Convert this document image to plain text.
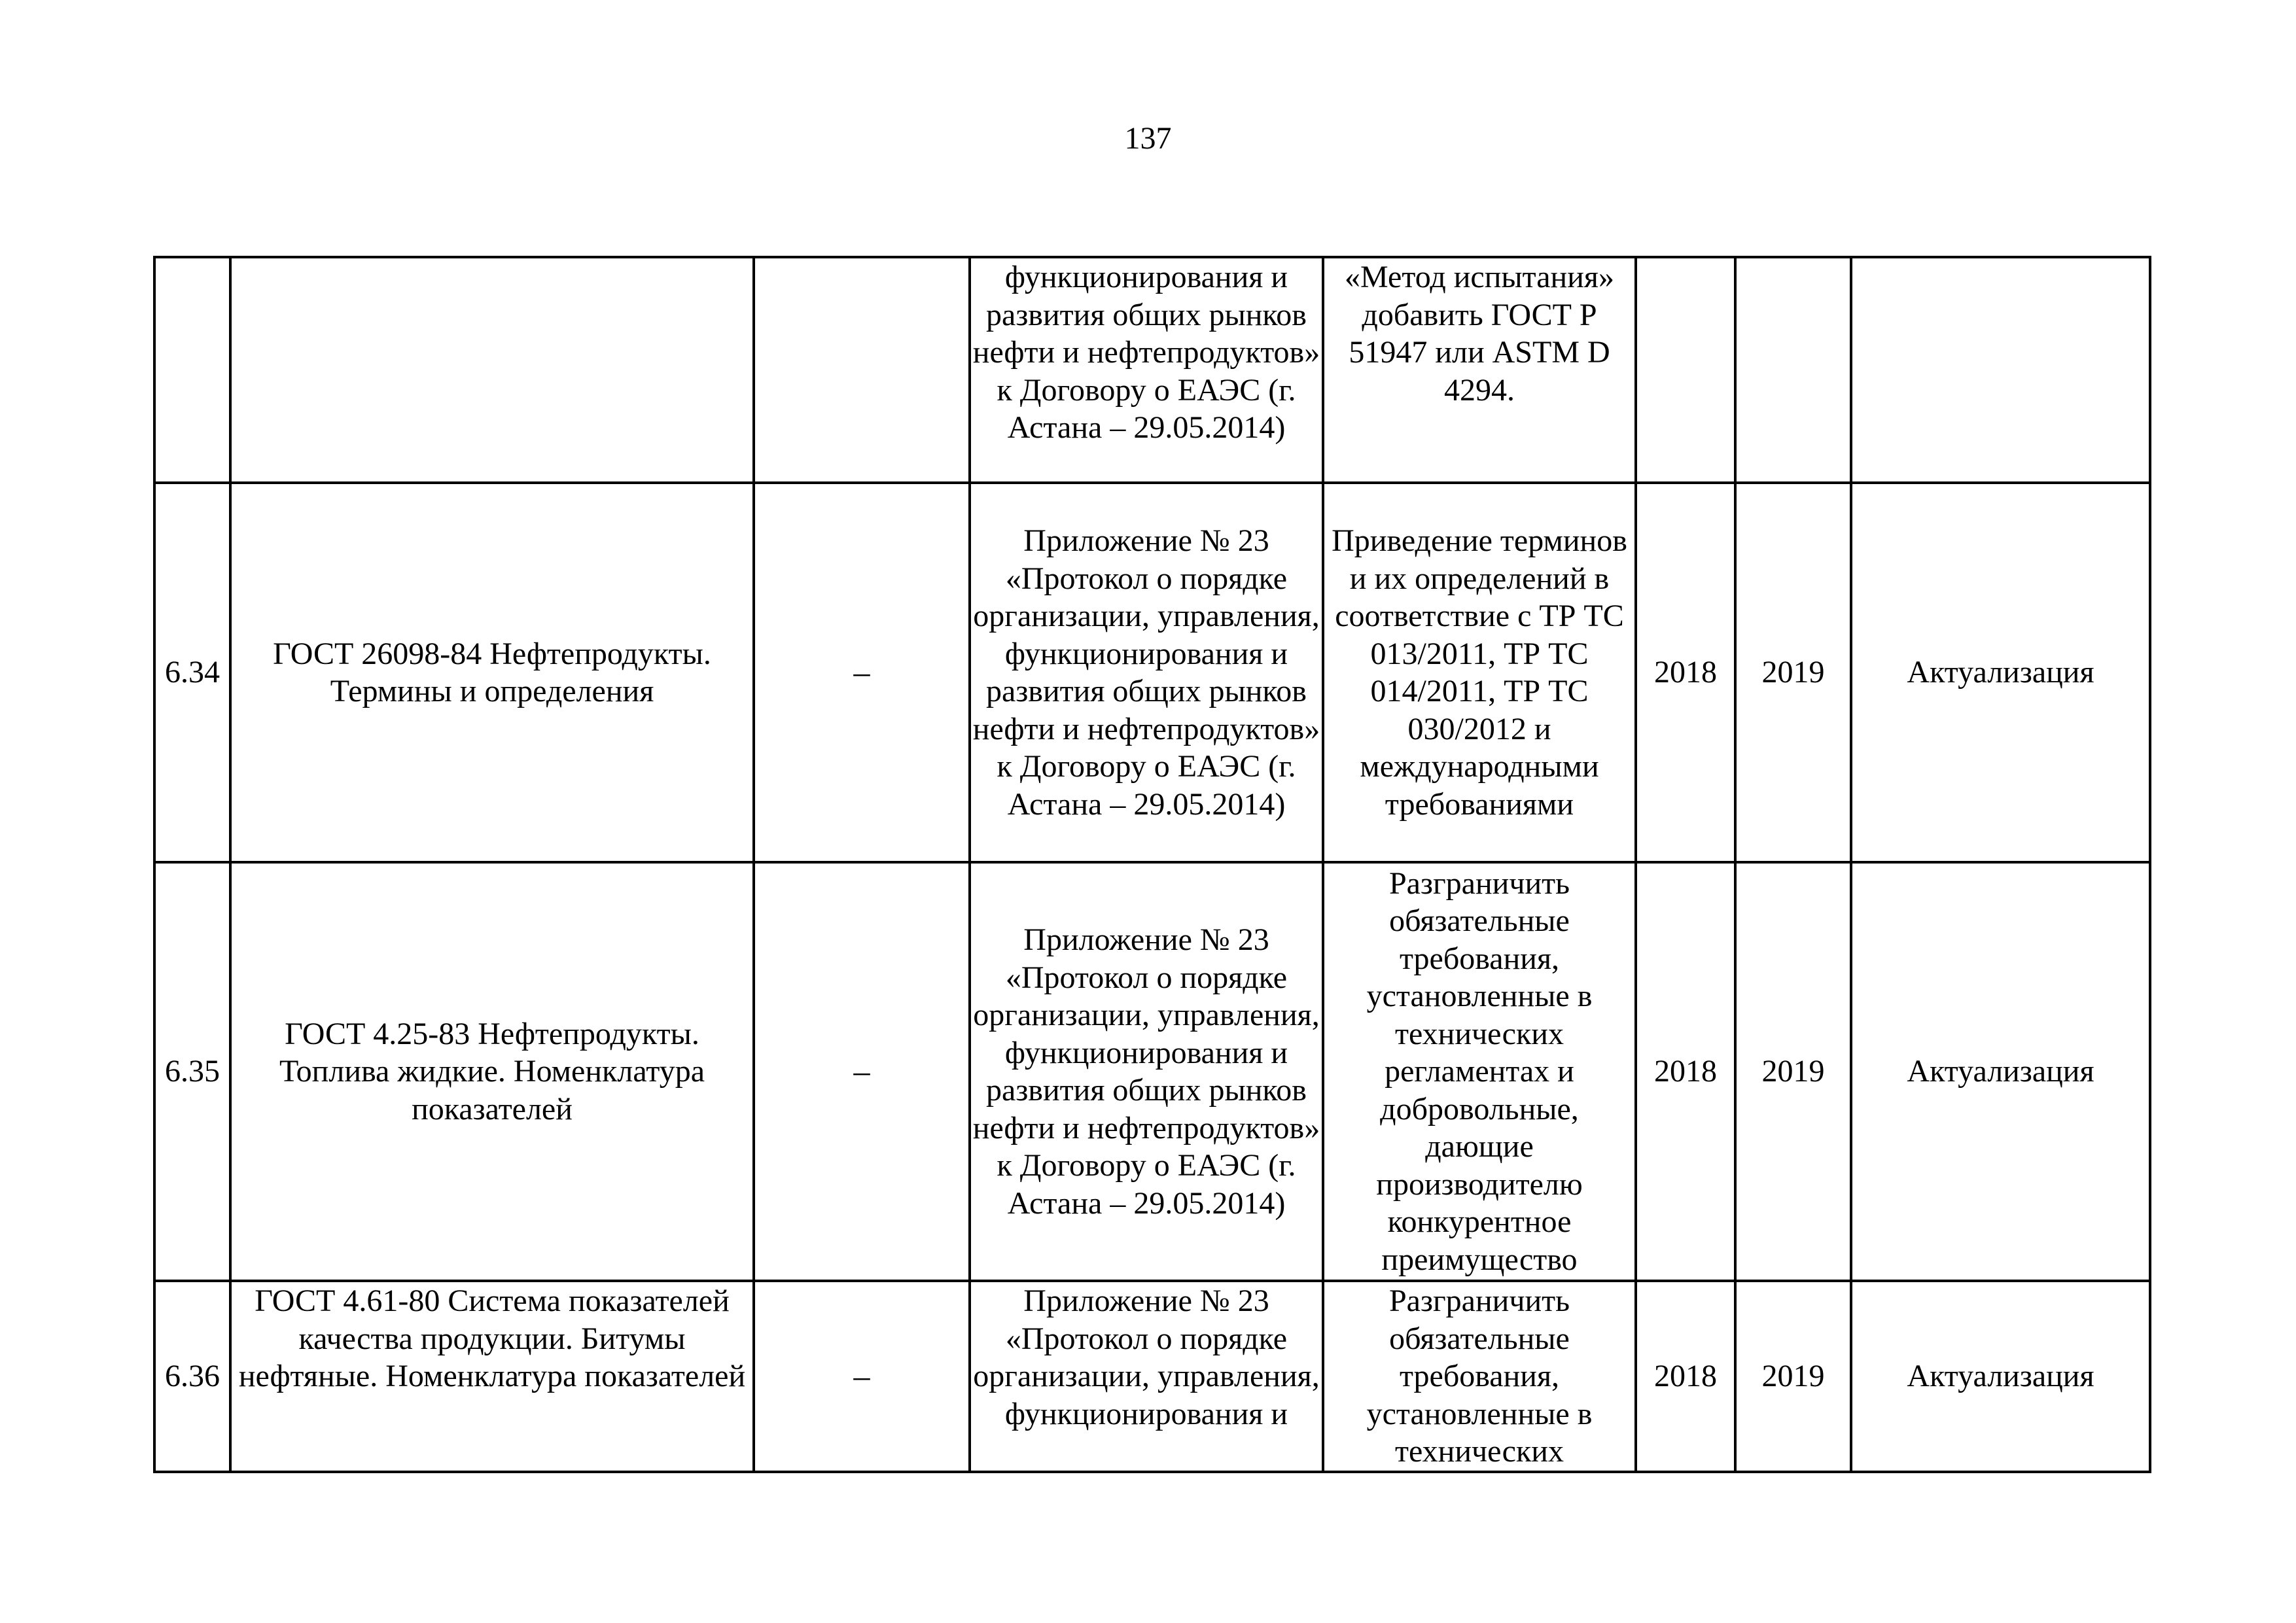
137
			функционирования и развития общих рынков нефти и нефтепродуктов» к Договору о ЕАЭС (г. Астана – 29.05.2014)	«Метод испытания» добавить ГОСТ Р 51947 или ASTM D 4294.			
6.34	ГОСТ 26098-84 Нефтепродукты. Термины и определения	–	Приложение № 23 «Протокол о порядке организации, управления, функционирования и развития общих рынков нефти и нефтепродуктов» к Договору о ЕАЭС (г. Астана – 29.05.2014)	Приведение терминов и их определений в соответствие с ТР ТС 013/2011, ТР ТС 014/2011, ТР ТС 030/2012 и международными требованиями	2018	2019	Актуализация
6.35	ГОСТ 4.25-83 Нефтепродукты. Топлива жидкие. Номенклатура показателей	–	Приложение № 23 «Протокол о порядке организации, управления, функционирования и развития общих рынков нефти и нефтепродуктов» к Договору о ЕАЭС (г. Астана – 29.05.2014)	Разграничить обязательные требования, установленные в технических регламентах и добровольные, дающие производителю конкурентное преимущество	2018	2019	Актуализация
6.36	ГОСТ 4.61-80 Система показателей качества продукции. Битумы нефтяные. Номенклатура показателей	–	Приложение № 23 «Протокол о порядке организации, управления, функционирования и	Разграничить обязательные требования, установленные в технических	2018	2019	Актуализация
